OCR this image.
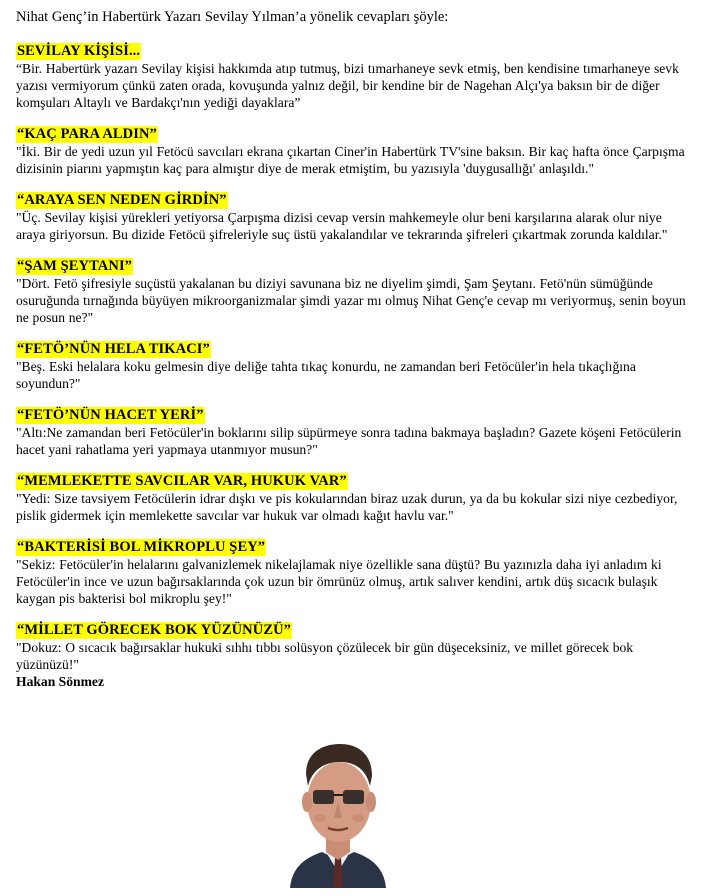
Nihat Genç’in Habertürk Yazarı Sevilay Yılman’a yönelik cevapları şöyle:

SEVİLAY KİŞİSİ...

“Bir. Habertürk yazarı Sevilay kişisi hakkımda atıp tutmuş, bizi tımarhaneye sevk etmiş, ben kendisine tımarhaneye sevk yazısı vermiyorum çünkü zaten orada, kovuşunda yalnız değil, bir kendine bir de Nagehan Alçı'ya baksın bir de diğer komşuları Altaylı ve Bardakçı'nın yediği dayaklara”

“KAÇ PARA ALDIN”

"İki. Bir de yedi uzun yıl Fetöcü savcıları ekrana çıkartan Ciner'in Habertürk TV'sine baksın. Bir kaç hafta önce Çarpışma dizisinin piarını yapmıştın kaç para almıştır diye de merak etmiştim, bu yazısıyla 'duygusallığı' anlaşıldı."

“ARAYA SEN NEDEN GİRDİN”

"Üç. Sevilay kişisi yürekleri yetiyorsa Çarpışma dizisi cevap versin mahkemeyle olur beni karşılarına alarak olur niye araya giriyorsun. Bu dizide Fetöcü şifreleriyle suç üstü yakalandılar ve tekrarında şifreleri çıkartmak zorunda kaldılar."

“ŞAM ŞEYTANI”

"Dört. Fetö şifresiyle suçüstü yakalanan bu diziyi savunana biz ne diyelim şimdi, Şam Şeytanı. Fetö'nün sümüğünde osuruğunda tırnağında büyüyen mikroorganizmalar şimdi yazar mı olmuş Nihat Genç'e cevap mı veriyormuş, senin boyun ne posun ne?"

“FETÖ’NÜN HELA TIKACI”

"Beş. Eski helalara koku gelmesin diye deliğe tahta tıkaç konurdu, ne zamandan beri Fetöcüler'in hela tıkaçlığına soyundun?"

“FETÖ’NÜN HACET YERİ”

"Altı:Ne zamandan beri Fetöcüler'in boklarını silip süpürmeye sonra tadına bakmaya başladın? Gazete köşeni Fetöcülerin hacet yani rahatlama yeri yapmaya utanmıyor musun?"

“MEMLEKETTE SAVCILAR VAR, HUKUK VAR”

"Yedi: Size tavsiyem Fetöcülerin idrar dışkı ve pis kokularından biraz uzak durun, ya da bu kokular sizi niye cezbediyor, pislik gidermek için memlekette savcılar var hukuk var olmadı kağıt havlu var."

“BAKTERİSİ BOL MİKROPLU ŞEY”

"Sekiz: Fetöcüler'in helalarını galvanizlemek nikelajlamak niye özellikle sana düştü? Bu yazınızla daha iyi anladım ki Fetöcüler'in ince ve uzun bağırsaklarında çok uzun bir ömrünüz olmuş, artık salıver kendini, artık düş sıcacık bulaşık kaygan pis bakterisi bol mikroplu şey!"

“MİLLET GÖRECEK BOK YÜZÜNÜZÜ”

"Dokuz: O sıcacık bağırsaklar hukuki sıhhı tıbbı solüsyon çözülecek bir gün düşeceksiniz, ve millet görecek bok yüzünüzü!"

Hakan Sönmez
